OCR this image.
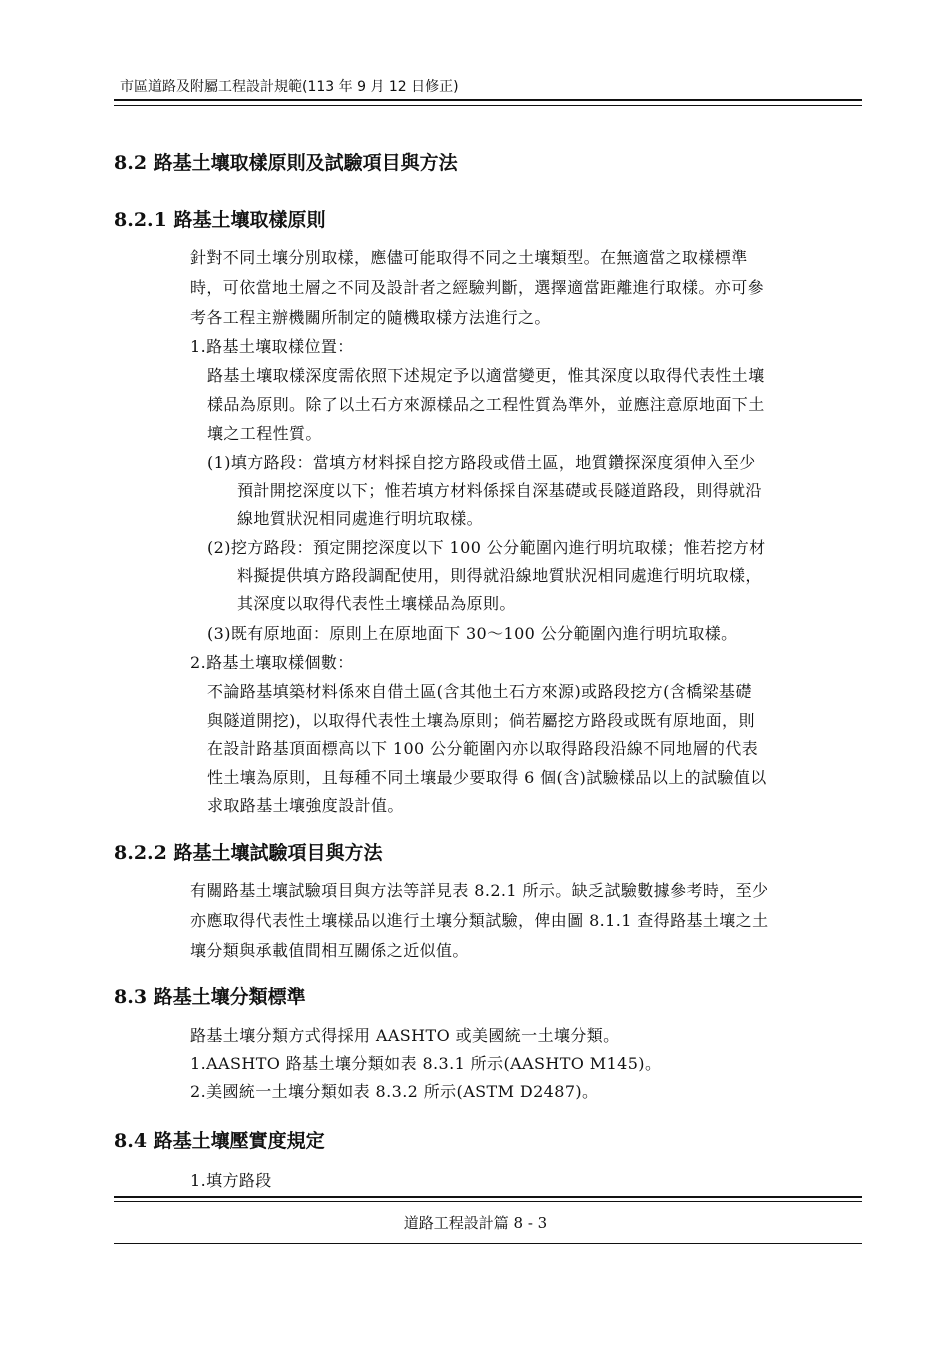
市區道路及附屬工程設計規範(113 年 9 月 12 日修正)
8.2 路基土壤取樣原則及試驗項目與方法
8.2.1 路基土壤取樣原則
針對不同土壤分別取樣，應儘可能取得不同之土壤類型。在無適當之取樣標準
時，可依當地土層之不同及設計者之經驗判斷，選擇適當距離進行取樣。亦可參
考各工程主辦機關所制定的隨機取樣方法進行之。
1.路基土壤取樣位置：
路基土壤取樣深度需依照下述規定予以適當變更，惟其深度以取得代表性土壤
樣品為原則。除了以土石方來源樣品之工程性質為準外，並應注意原地面下土
壤之工程性質。
(1)填方路段：當填方材料採自挖方路段或借土區，地質鑽探深度須伸入至少
預計開挖深度以下；惟若填方材料係採自深基礎或長隧道路段，則得就沿
線地質狀況相同處進行明坑取樣。
(2)挖方路段：預定開挖深度以下 100 公分範圍內進行明坑取樣；惟若挖方材
料擬提供填方路段調配使用，則得就沿線地質狀況相同處進行明坑取樣，
其深度以取得代表性土壤樣品為原則。
(3)既有原地面：原則上在原地面下 30～100 公分範圍內進行明坑取樣。
2.路基土壤取樣個數：
不論路基填築材料係來自借土區(含其他土石方來源)或路段挖方(含橋梁基礎
與隧道開挖)，以取得代表性土壤為原則；倘若屬挖方路段或既有原地面，則
在設計路基頂面標高以下 100 公分範圍內亦以取得路段沿線不同地層的代表
性土壤為原則，且每種不同土壤最少要取得 6 個(含)試驗樣品以上的試驗值以
求取路基土壤強度設計值。
8.2.2 路基土壤試驗項目與方法
有關路基土壤試驗項目與方法等詳見表 8.2.1 所示。缺乏試驗數據參考時，至少
亦應取得代表性土壤樣品以進行土壤分類試驗，俾由圖 8.1.1 查得路基土壤之土
壤分類與承載值間相互關係之近似值。
8.3 路基土壤分類標準
路基土壤分類方式得採用 AASHTO 或美國統一土壤分類。
1.AASHTO 路基土壤分類如表 8.3.1 所示(AASHTO M145)。
2.美國統一土壤分類如表 8.3.2 所示(ASTM D2487)。
8.4 路基土壤壓實度規定
1.填方路段
道路工程設計篇 8 - 3
